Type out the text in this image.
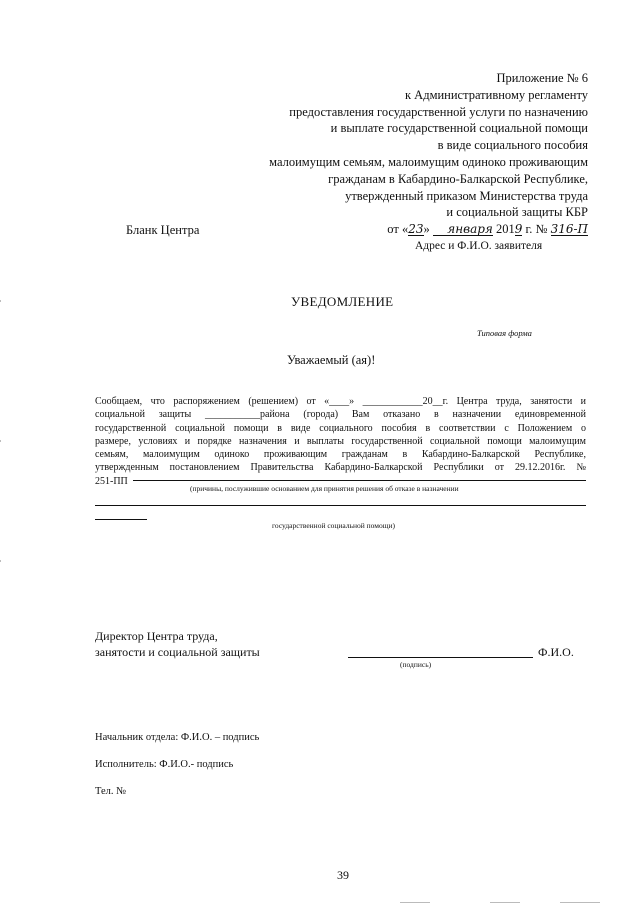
Приложение № 6
к Административному регламенту
предоставления государственной услуги по назначению
и выплате государственной социальной помощи
в виде социального пособия
малоимущим семьям, малоимущим одиноко проживающим
гражданам в Кабардино-Балкарской Республике,
утвержденный приказом Министерства труда
и социальной защиты КБР
от «23» января 2019 г. № 316-П
Бланк Центра
Адрес и Ф.И.О. заявителя
УВЕДОМЛЕНИЕ
Типовая форма
Уважаемый (ая)!
Сообщаем, что распоряжением (решением) от «____» ____________20__г. Центра труда, занятости и
социальной защиты ___________района (города) Вам отказано в назначении единовременной
государственной социальной помощи в виде социального пособия в соответствии с Положением о
размере, условиях и порядке назначения и выплаты государственной социальной помощи малоимущим
семьям, малоимущим одиноко проживающим гражданам в Кабардино-Балкарской Республике,
утвержденным постановлением Правительства Кабардино-Балкарской Республики от 29.12.2016г. №
251-ПП
(причины, послужившие основанием для принятия решения об отказе в назначении
государственной социальной помощи)
Директор Центра труда,
занятости и социальной защиты	Ф.И.О.
(подпись)
Начальник отдела: Ф.И.О. – подпись
Исполнитель: Ф.И.О.- подпись
Тел. №
39
